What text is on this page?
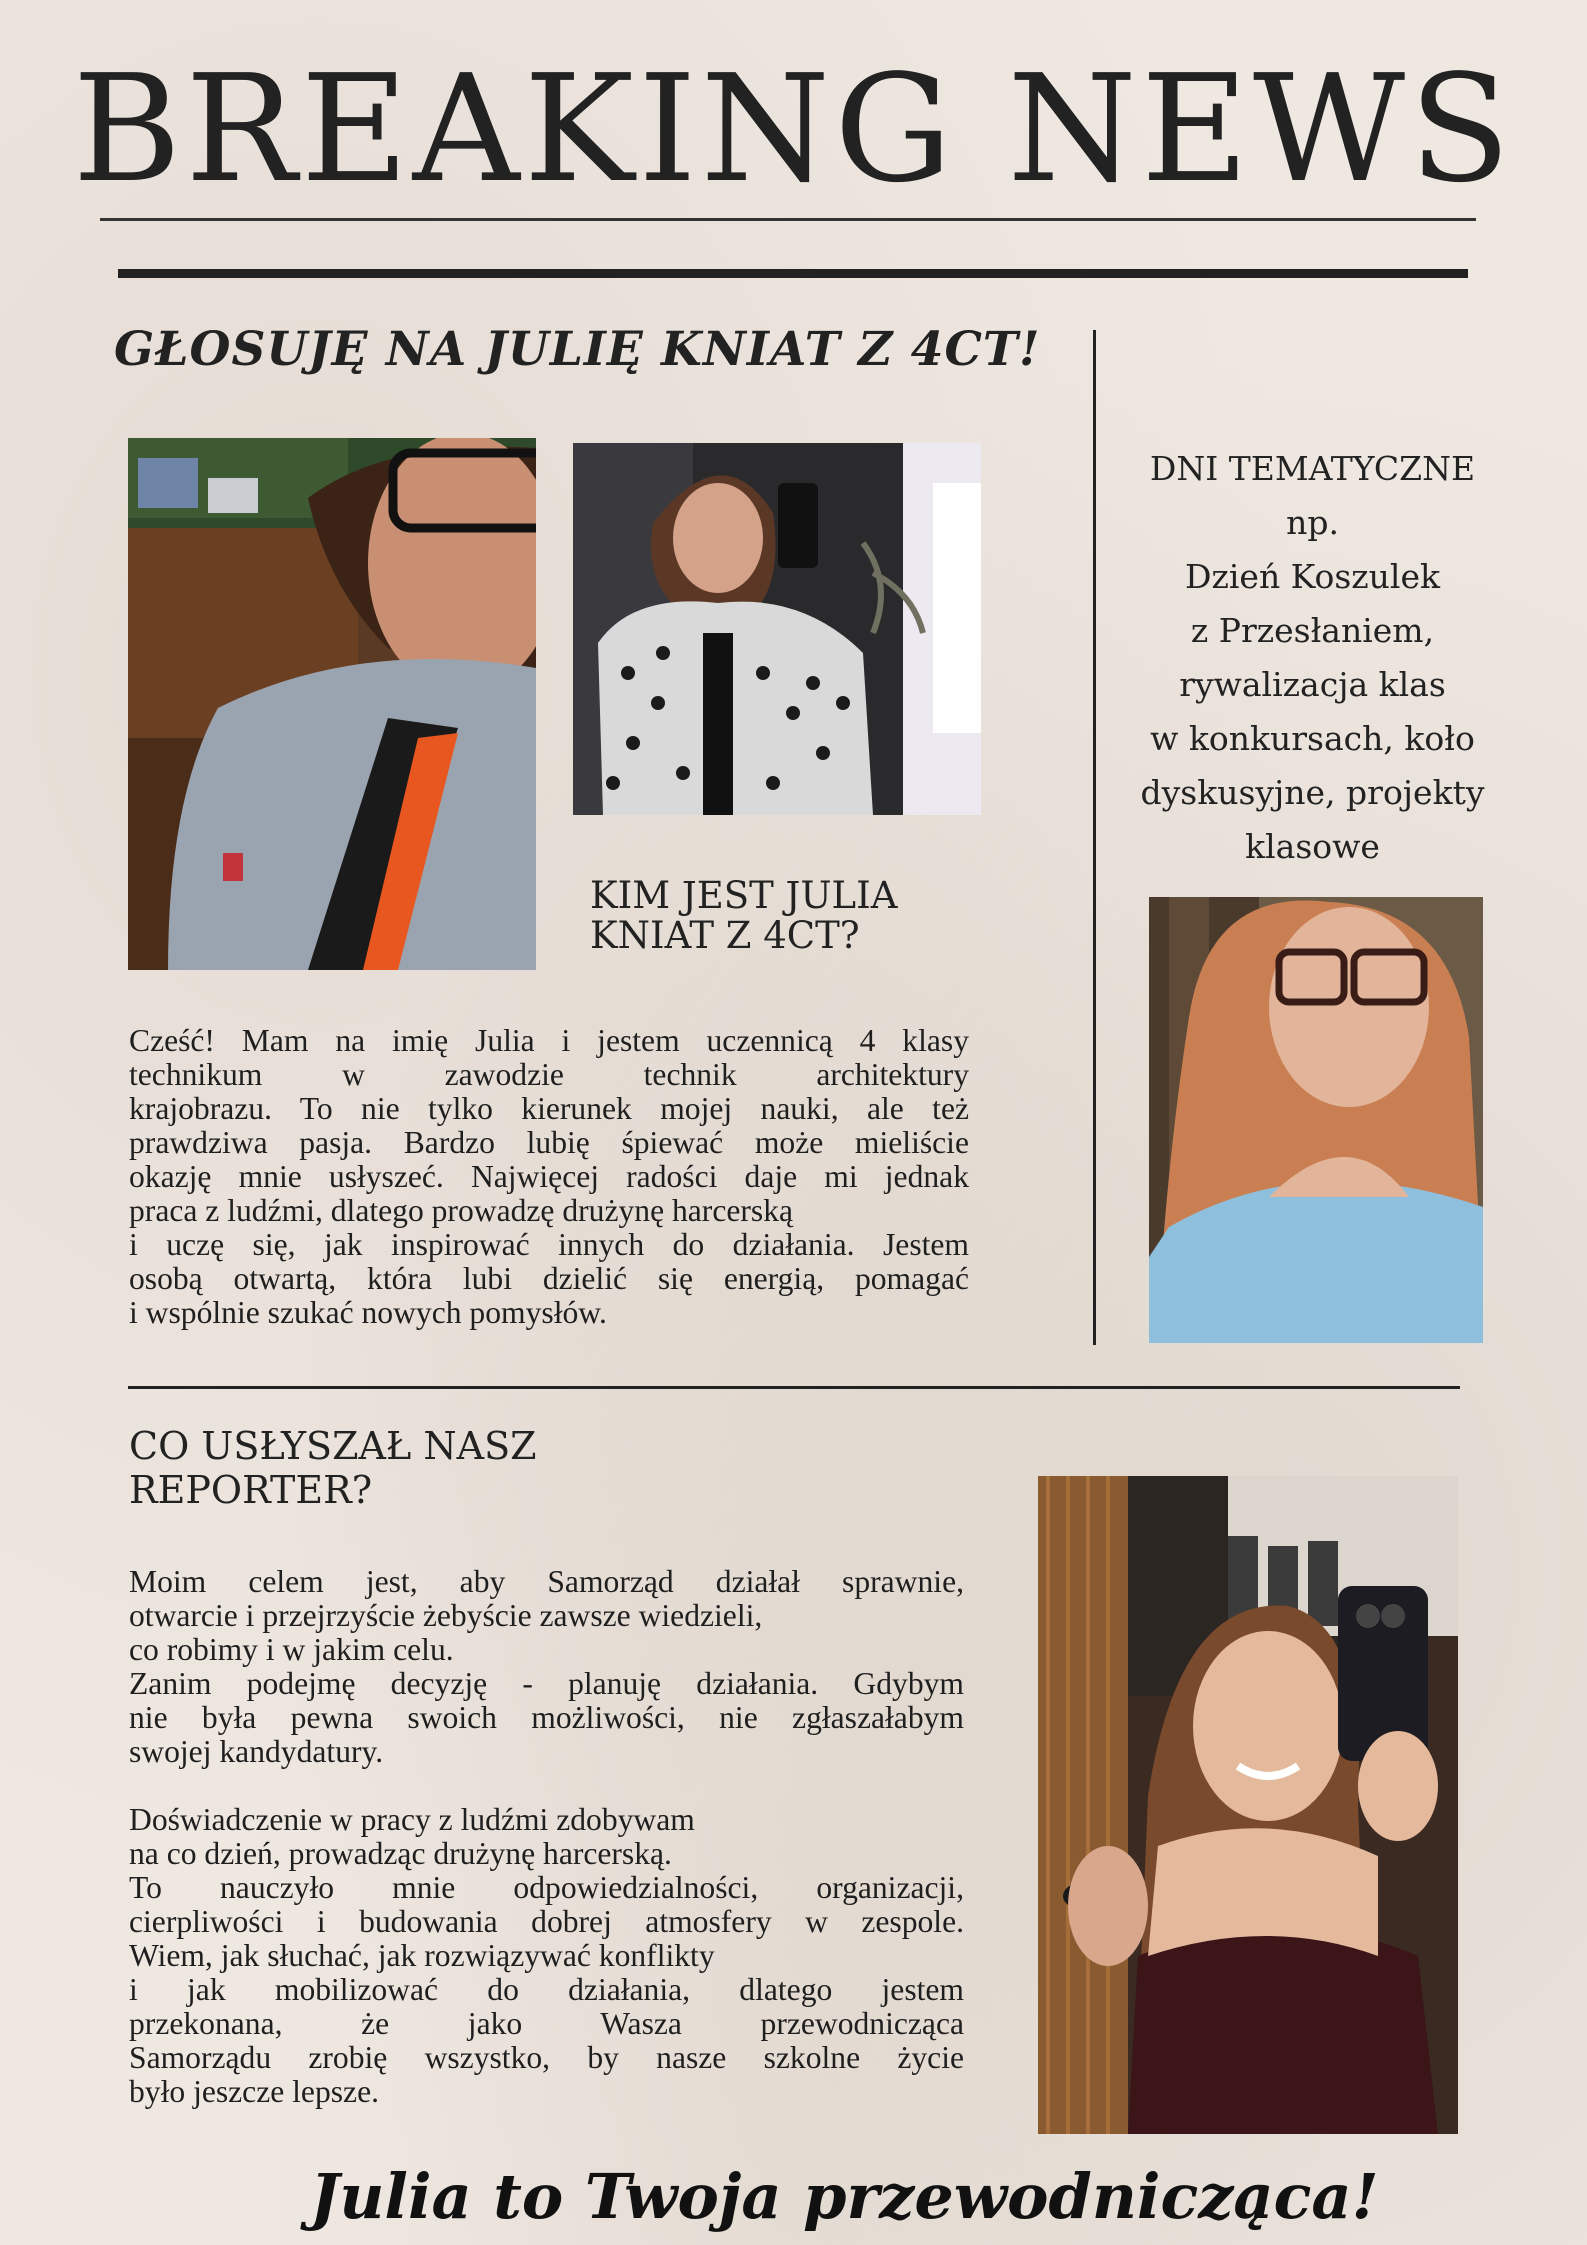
BREAKING NEWS
GŁOSUJĘ NA JULIĘ KNIAT Z 4CT!
KIM JEST JULIA
KNIAT Z 4CT?
Cześć! Mam na imię Julia i jestem uczennicą 4 klasy
technikum w zawodzie technik architektury
krajobrazu. To nie tylko kierunek mojej nauki, ale też
prawdziwa pasja. Bardzo lubię śpiewać może mieliście
okazję mnie usłyszeć. Najwięcej radości daje mi jednak
praca z ludźmi, dlatego prowadzę drużynę harcerską
i uczę się, jak inspirować innych do działania. Jestem
osobą otwartą, która lubi dzielić się energią, pomagać
i wspólnie szukać nowych pomysłów.
DNI TEMATYCZNE
np.
Dzień Koszulek
z Przesłaniem,
rywalizacja klas
w konkursach, koło
dyskusyjne, projekty
klasowe
CO USŁYSZAŁ NASZ
REPORTER?
Moim celem jest, aby Samorząd działał sprawnie,
otwarcie i przejrzyście żebyście zawsze wiedzieli,
co robimy i w jakim celu.
Zanim podejmę decyzję - planuję działania. Gdybym
nie była pewna swoich możliwości, nie zgłaszałabym
swojej kandydatury.
Doświadczenie w pracy z ludźmi zdobywam
na co dzień, prowadząc drużynę harcerską.
To nauczyło mnie odpowiedzialności, organizacji,
cierpliwości i budowania dobrej atmosfery w zespole.
Wiem, jak słuchać, jak rozwiązywać konflikty
i jak mobilizować do działania, dlatego jestem
przekonana, że jako Wasza przewodnicząca
Samorządu zrobię wszystko, by nasze szkolne życie
było jeszcze lepsze.
Julia to Twoja przewodnicząca!
